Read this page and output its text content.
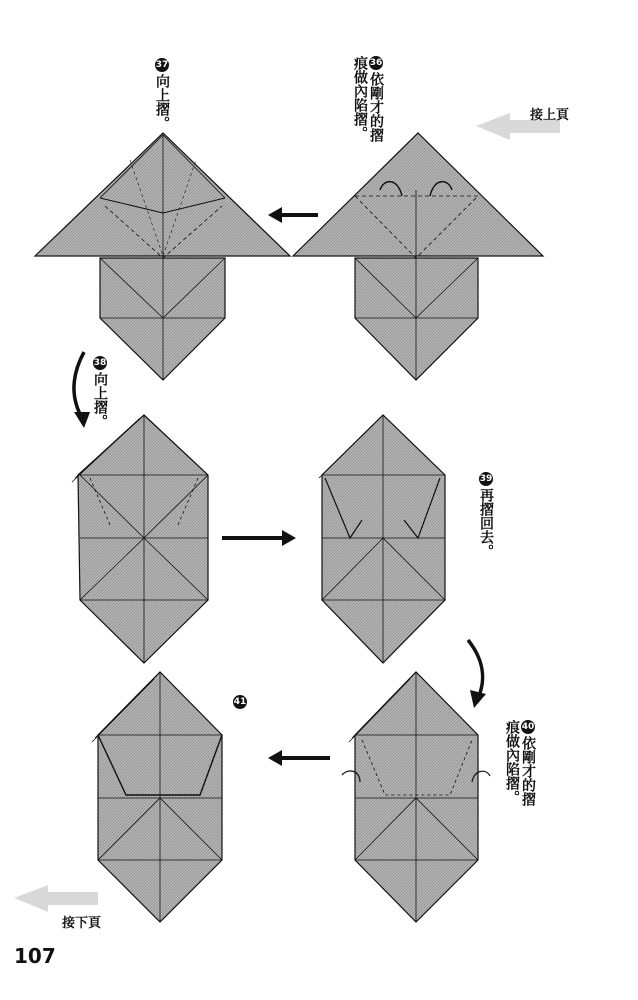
37向上摺。
36依剛才的摺痕做內陷摺。
38向上摺。
39再摺回去。
40依剛才的摺痕做內陷摺。
41
接上頁
接下頁
107
